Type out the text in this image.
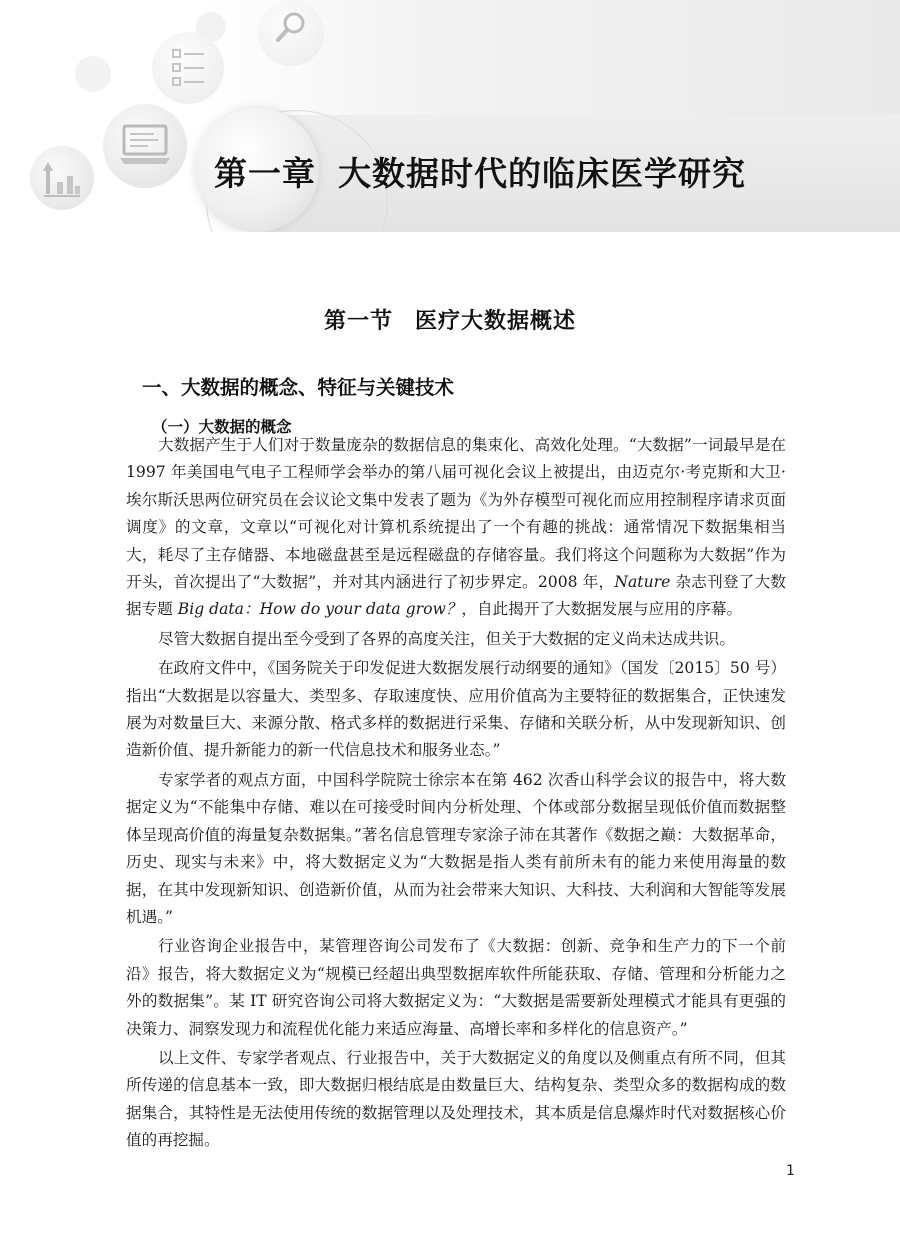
第一章 大数据时代的临床医学研究
第一节 医疗大数据概述
一、大数据的概念、特征与关键技术
（一）大数据的概念

大数据产生于人们对于数量庞杂的数据信息的集束化、高效化处理。“大数据”一词最早是在 1997 年美国电气电子工程师学会举办的第八届可视化会议上被提出，由迈克尔·考克斯和大卫·埃尔斯沃思两位研究员在会议论文集中发表了题为《为外存模型可视化而应用控制程序请求页面调度》的文章，文章以“可视化对计算机系统提出了一个有趣的挑战：通常情况下数据集相当大，耗尽了主存储器、本地磁盘甚至是远程磁盘的存储容量。我们将这个问题称为大数据”作为开头，首次提出了“大数据”，并对其内涵进行了初步界定。2008 年，Nature 杂志刊登了大数据专题 Big data：How do your data grow？，自此揭开了大数据发展与应用的序幕。

尽管大数据自提出至今受到了各界的高度关注，但关于大数据的定义尚未达成共识。

在政府文件中，《国务院关于印发促进大数据发展行动纲要的通知》（国发〔2015〕50 号）指出“大数据是以容量大、类型多、存取速度快、应用价值高为主要特征的数据集合，正快速发展为对数量巨大、来源分散、格式多样的数据进行采集、存储和关联分析，从中发现新知识、创造新价值、提升新能力的新一代信息技术和服务业态。”

专家学者的观点方面，中国科学院院士徐宗本在第 462 次香山科学会议的报告中，将大数据定义为“不能集中存储、难以在可接受时间内分析处理、个体或部分数据呈现低价值而数据整体呈现高价值的海量复杂数据集。”著名信息管理专家涂子沛在其著作《数据之巅：大数据革命，历史、现实与未来》中，将大数据定义为“大数据是指人类有前所未有的能力来使用海量的数据，在其中发现新知识、创造新价值，从而为社会带来大知识、大科技、大利润和大智能等发展机遇。”

行业咨询企业报告中，某管理咨询公司发布了《大数据：创新、竞争和生产力的下一个前沿》报告，将大数据定义为“规模已经超出典型数据库软件所能获取、存储、管理和分析能力之外的数据集”。某 IT 研究咨询公司将大数据定义为：“大数据是需要新处理模式才能具有更强的决策力、洞察发现力和流程优化能力来适应海量、高增长率和多样化的信息资产。”

以上文件、专家学者观点、行业报告中，关于大数据定义的角度以及侧重点有所不同，但其所传递的信息基本一致，即大数据归根结底是由数量巨大、结构复杂、类型众多的数据构成的数据集合，其特性是无法使用传统的数据管理以及处理技术，其本质是信息爆炸时代对数据核心价值的再挖掘。

1
